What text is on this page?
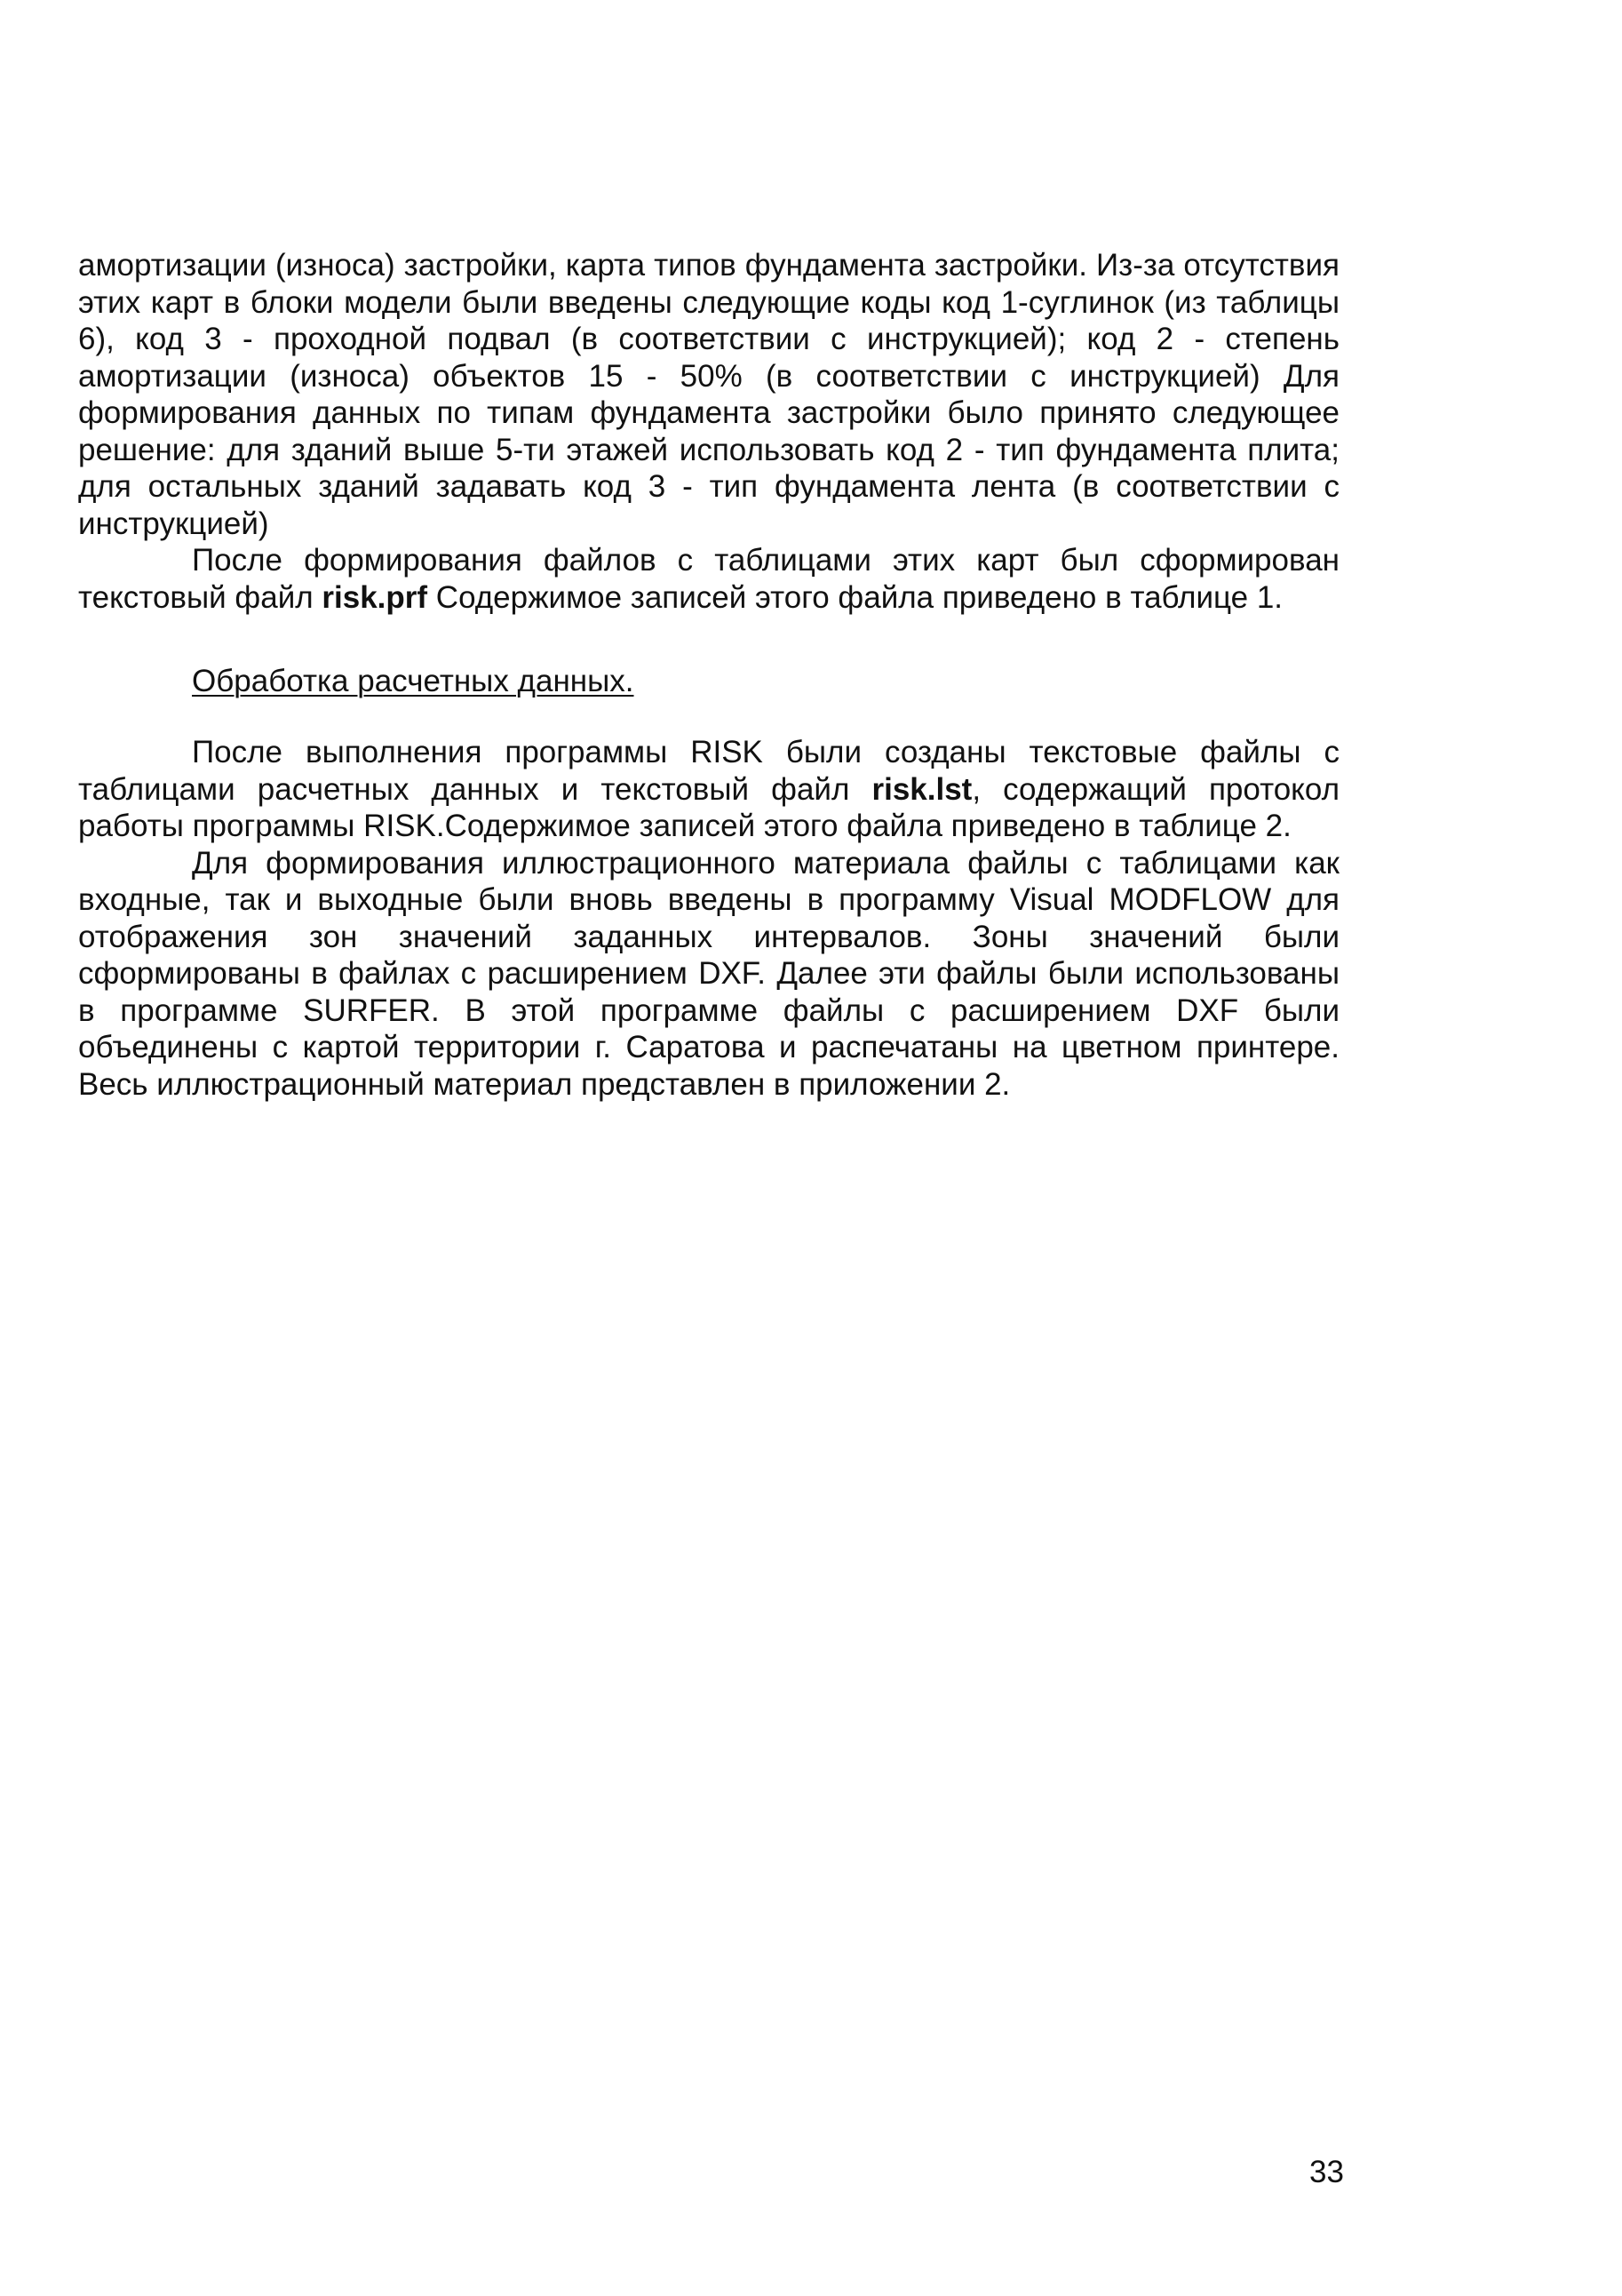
амортизации (износа) застройки, карта типов фундамента застройки. Из-за отсутствия этих карт в блоки модели были введены следующие коды код 1-суглинок (из таблицы 6), код 3 - проходной подвал (в соответствии с инструкцией); код 2 - степень амортизации (износа) объектов 15 - 50% (в соответствии с инструкцией) Для формирования данных по типам фундамента застройки было принято следующее решение: для зданий выше 5-ти этажей использовать код 2 - тип фундамента плита; для остальных зданий задавать код 3 - тип фундамента лента (в соответствии с инструкцией)

После формирования файлов с таблицами этих карт был сформирован текстовый файл risk.prf Содержимое записей этого файла приведено в таблице 1.

Обработка расчетных данных.

После выполнения программы RISK были созданы текстовые файлы с таблицами расчетных данных и текстовый файл risk.lst, содержащий протокол работы программы RISK.Содержимое записей этого файла приведено в таблице 2.

Для формирования иллюстрационного материала файлы с таблицами как входные, так и выходные были вновь введены в программу Visual MODFLOW для отображения зон значений заданных интервалов. Зоны значений были сформированы в файлах с расширением DXF. Далее эти файлы были использованы в программе SURFER. В этой программе файлы с расширением DXF были объединены с картой территории г. Саратова и распечатаны на цветном принтере. Весь иллюстрационный материал представлен в приложении 2.

33
